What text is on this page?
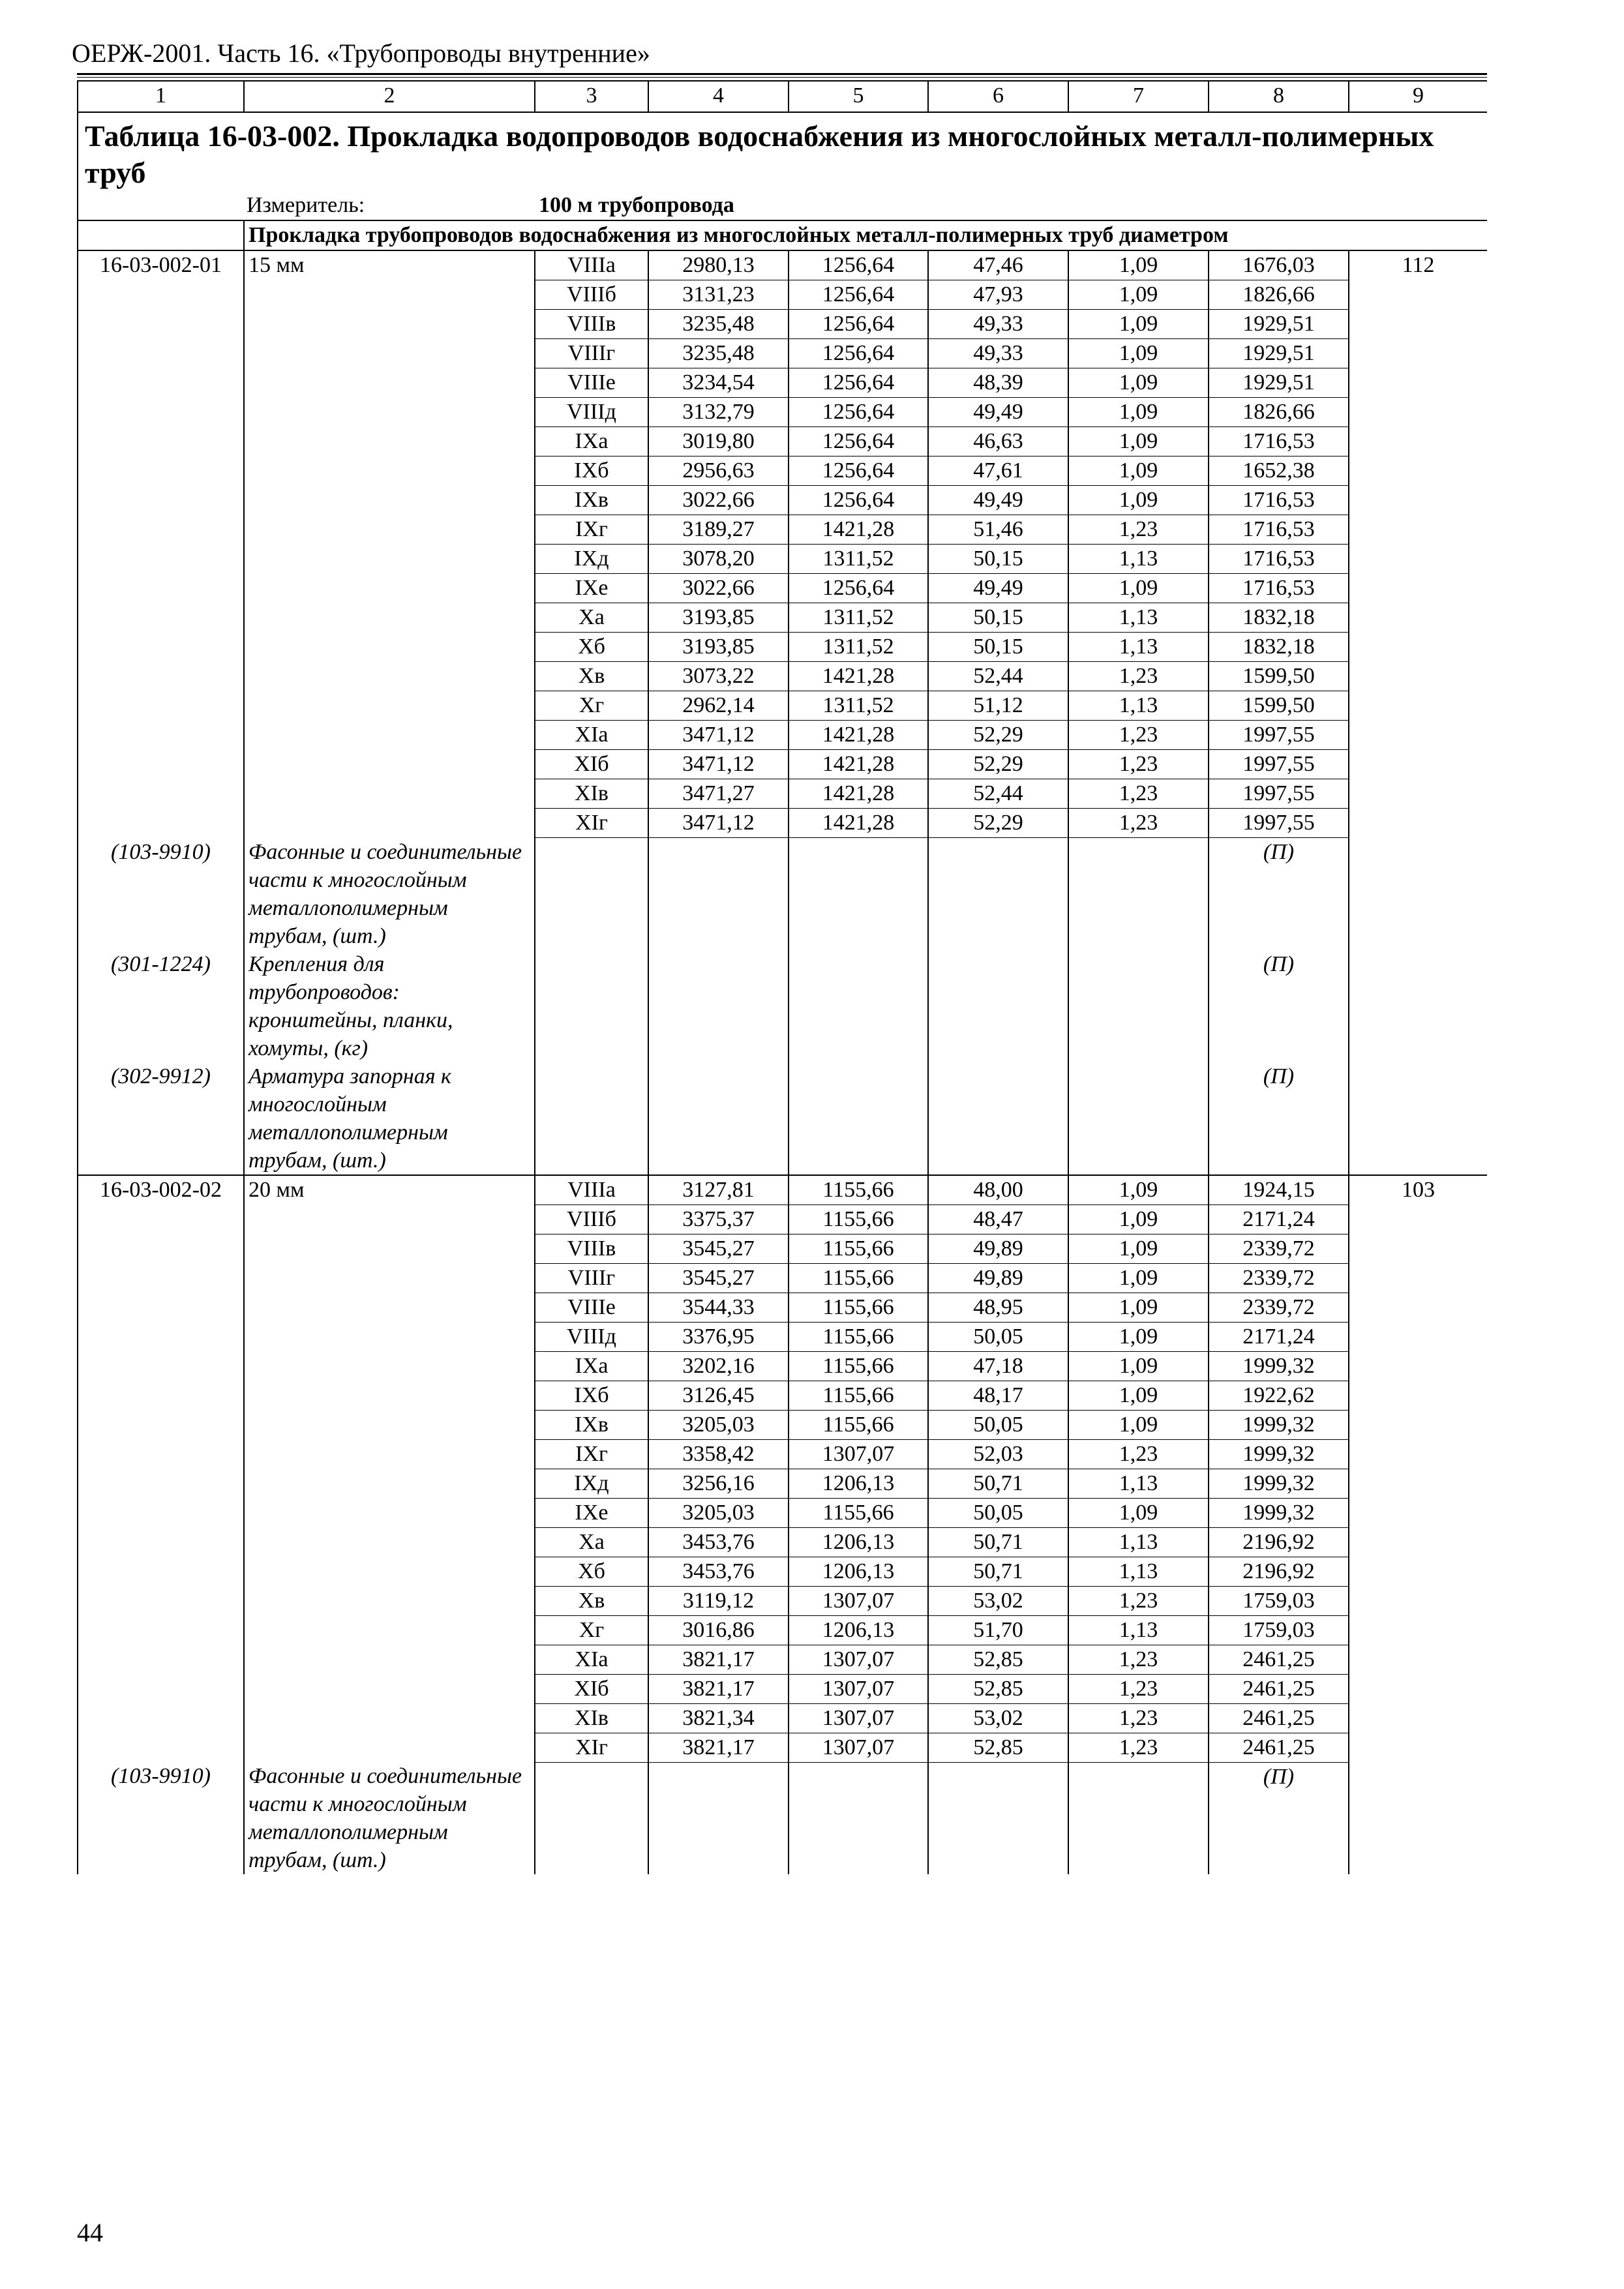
ОЕРЖ-2001. Часть 16. «Трубопроводы внутренние»
1	2	3	4	5	6	7	8	9
Таблица 16-03-002. Прокладка водопроводов водоснабжения из многослойных металл-полимерных труб								
	Измеритель:	100 м трубопровода						
	Прокладка трубопроводов водоснабжения из многослойных металл-полимерных труб диаметром							
16-03-002-01	15 мм	VIIIа	2980,13	1256,64	47,46	1,09	1676,03	112
		VIIIб	3131,23	1256,64	47,93	1,09	1826,66	
		VIIIв	3235,48	1256,64	49,33	1,09	1929,51	
		VIIIг	3235,48	1256,64	49,33	1,09	1929,51	
		VIIIе	3234,54	1256,64	48,39	1,09	1929,51	
		VIIIд	3132,79	1256,64	49,49	1,09	1826,66	
		IXа	3019,80	1256,64	46,63	1,09	1716,53	
		IXб	2956,63	1256,64	47,61	1,09	1652,38	
		IXв	3022,66	1256,64	49,49	1,09	1716,53	
		IXг	3189,27	1421,28	51,46	1,23	1716,53	
		IXд	3078,20	1311,52	50,15	1,13	1716,53	
		IXе	3022,66	1256,64	49,49	1,09	1716,53	
		Xа	3193,85	1311,52	50,15	1,13	1832,18	
		Xб	3193,85	1311,52	50,15	1,13	1832,18	
		Xв	3073,22	1421,28	52,44	1,23	1599,50	
		Xг	2962,14	1311,52	51,12	1,13	1599,50	
		XIа	3471,12	1421,28	52,29	1,23	1997,55	
		XIб	3471,12	1421,28	52,29	1,23	1997,55	
		XIв	3471,27	1421,28	52,44	1,23	1997,55	
		XIг	3471,12	1421,28	52,29	1,23	1997,55	
(103-9910)	Фасонные и соединительные части к многослойным металлополимерным трубам, (шт.)						(П)	
(301-1224)	Крепления для трубопроводов: кронштейны, планки, хомуты, (кг)						(П)	
(302-9912)	Арматура запорная к многослойным металлополимерным трубам, (шт.)						(П)	
16-03-002-02	20 мм	VIIIа	3127,81	1155,66	48,00	1,09	1924,15	103
		VIIIб	3375,37	1155,66	48,47	1,09	2171,24	
		VIIIв	3545,27	1155,66	49,89	1,09	2339,72	
		VIIIг	3545,27	1155,66	49,89	1,09	2339,72	
		VIIIе	3544,33	1155,66	48,95	1,09	2339,72	
		VIIIд	3376,95	1155,66	50,05	1,09	2171,24	
		IXа	3202,16	1155,66	47,18	1,09	1999,32	
		IXб	3126,45	1155,66	48,17	1,09	1922,62	
		IXв	3205,03	1155,66	50,05	1,09	1999,32	
		IXг	3358,42	1307,07	52,03	1,23	1999,32	
		IXд	3256,16	1206,13	50,71	1,13	1999,32	
		IXе	3205,03	1155,66	50,05	1,09	1999,32	
		Xа	3453,76	1206,13	50,71	1,13	2196,92	
		Xб	3453,76	1206,13	50,71	1,13	2196,92	
		Xв	3119,12	1307,07	53,02	1,23	1759,03	
		Xг	3016,86	1206,13	51,70	1,13	1759,03	
		XIа	3821,17	1307,07	52,85	1,23	2461,25	
		XIб	3821,17	1307,07	52,85	1,23	2461,25	
		XIв	3821,34	1307,07	53,02	1,23	2461,25	
		XIг	3821,17	1307,07	52,85	1,23	2461,25	
(103-9910)	Фасонные и соединительные части к многослойным металлополимерным трубам, (шт.)						(П)	
44
